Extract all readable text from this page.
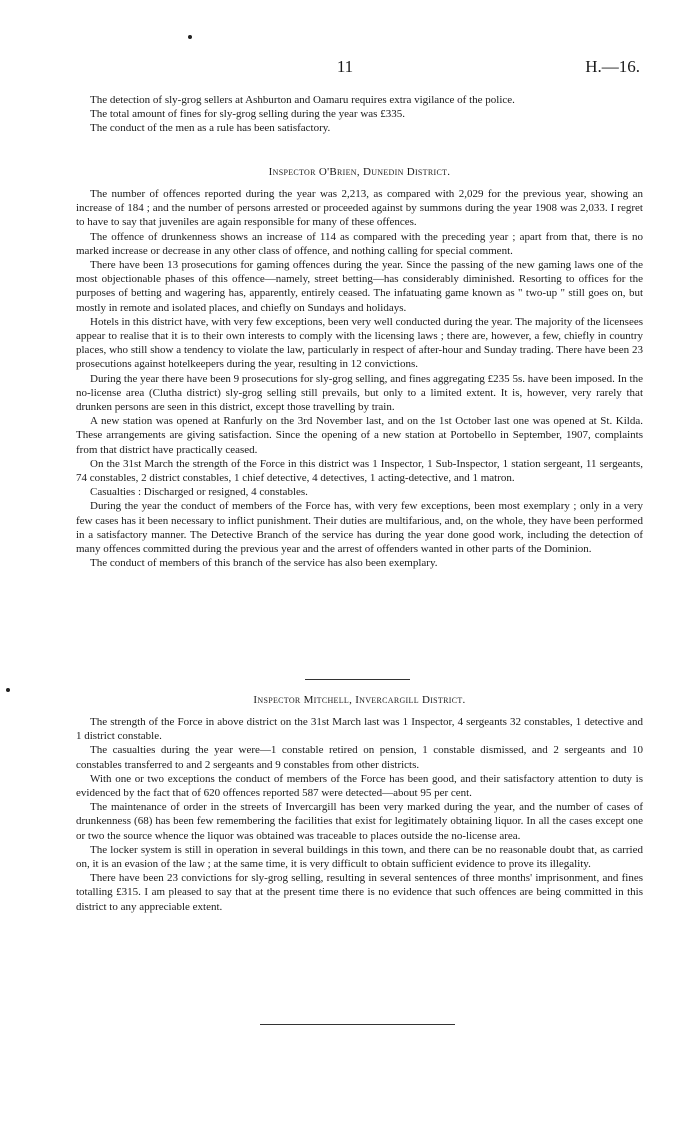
11	H.—16.

The detection of sly-grog sellers at Ashburton and Oamaru requires extra vigilance of the police.

The total amount of fines for sly-grog selling during the year was £335.

The conduct of the men as a rule has been satisfactory.

Inspector O'Brien, Dunedin District.

The number of offences reported during the year was 2,213, as compared with 2,029 for the previous year, showing an increase of 184 ; and the number of persons arrested or proceeded against by summons during the year 1908 was 2,033. I regret to have to say that juveniles are again responsible for many of these offences.

The offence of drunkenness shows an increase of 114 as compared with the preceding year ; apart from that, there is no marked increase or decrease in any other class of offence, and nothing calling for special comment.

There have been 13 prosecutions for gaming offences during the year. Since the passing of the new gaming laws one of the most objectionable phases of this offence—namely, street betting—has considerably diminished. Resorting to offices for the purposes of betting and wagering has, apparently, entirely ceased. The infatuating game known as " two-up " still goes on, but mostly in remote and isolated places, and chiefly on Sundays and holidays.

Hotels in this district have, with very few exceptions, been very well conducted during the year. The majority of the licensees appear to realise that it is to their own interests to comply with the licensing laws ; there are, however, a few, chiefly in country places, who still show a tendency to violate the law, particularly in respect of after-hour and Sunday trading. There have been 23 prosecutions against hotelkeepers during the year, resulting in 12 convictions.

During the year there have been 9 prosecutions for sly-grog selling, and fines aggregating £235 5s. have been imposed. In the no-license area (Clutha district) sly-grog selling still prevails, but only to a limited extent. It is, however, very rarely that drunken persons are seen in this district, except those travelling by train.

A new station was opened at Ranfurly on the 3rd November last, and on the 1st October last one was opened at St. Kilda. These arrangements are giving satisfaction. Since the opening of a new station at Portobello in September, 1907, complaints from that district have practically ceased.

On the 31st March the strength of the Force in this district was 1 Inspector, 1 Sub-Inspector, 1 station sergeant, 11 sergeants, 74 constables, 2 district constables, 1 chief detective, 4 detectives, 1 acting-detective, and 1 matron.

Casualties : Discharged or resigned, 4 constables.

During the year the conduct of members of the Force has, with very few exceptions, been most exemplary ; only in a very few cases has it been necessary to inflict punishment. Their duties are multifarious, and, on the whole, they have been performed in a satisfactory manner. The Detective Branch of the service has during the year done good work, including the detection of many offences committed during the previous year and the arrest of offenders wanted in other parts of the Dominion.

The conduct of members of this branch of the service has also been exemplary.

Inspector Mitchell, Invercargill District.

The strength of the Force in above district on the 31st March last was 1 Inspector, 4 sergeants 32 constables, 1 detective and 1 district constable.

The casualties during the year were—1 constable retired on pension, 1 constable dismissed, and 2 sergeants and 10 constables transferred to and 2 sergeants and 9 constables from other districts.

With one or two exceptions the conduct of members of the Force has been good, and their satisfactory attention to duty is evidenced by the fact that of 620 offences reported 587 were detected—about 95 per cent.

The maintenance of order in the streets of Invercargill has been very marked during the year, and the number of cases of drunkenness (68) has been few remembering the facilities that exist for legitimately obtaining liquor. In all the cases except one or two the source whence the liquor was obtained was traceable to places outside the no-license area.

The locker system is still in operation in several buildings in this town, and there can be no reasonable doubt that, as carried on, it is an evasion of the law ; at the same time, it is very difficult to obtain sufficient evidence to prove its illegality.

There have been 23 convictions for sly-grog selling, resulting in several sentences of three months' imprisonment, and fines totalling £315. I am pleased to say that at the present time there is no evidence that such offences are being committed in this district to any appreciable extent.
